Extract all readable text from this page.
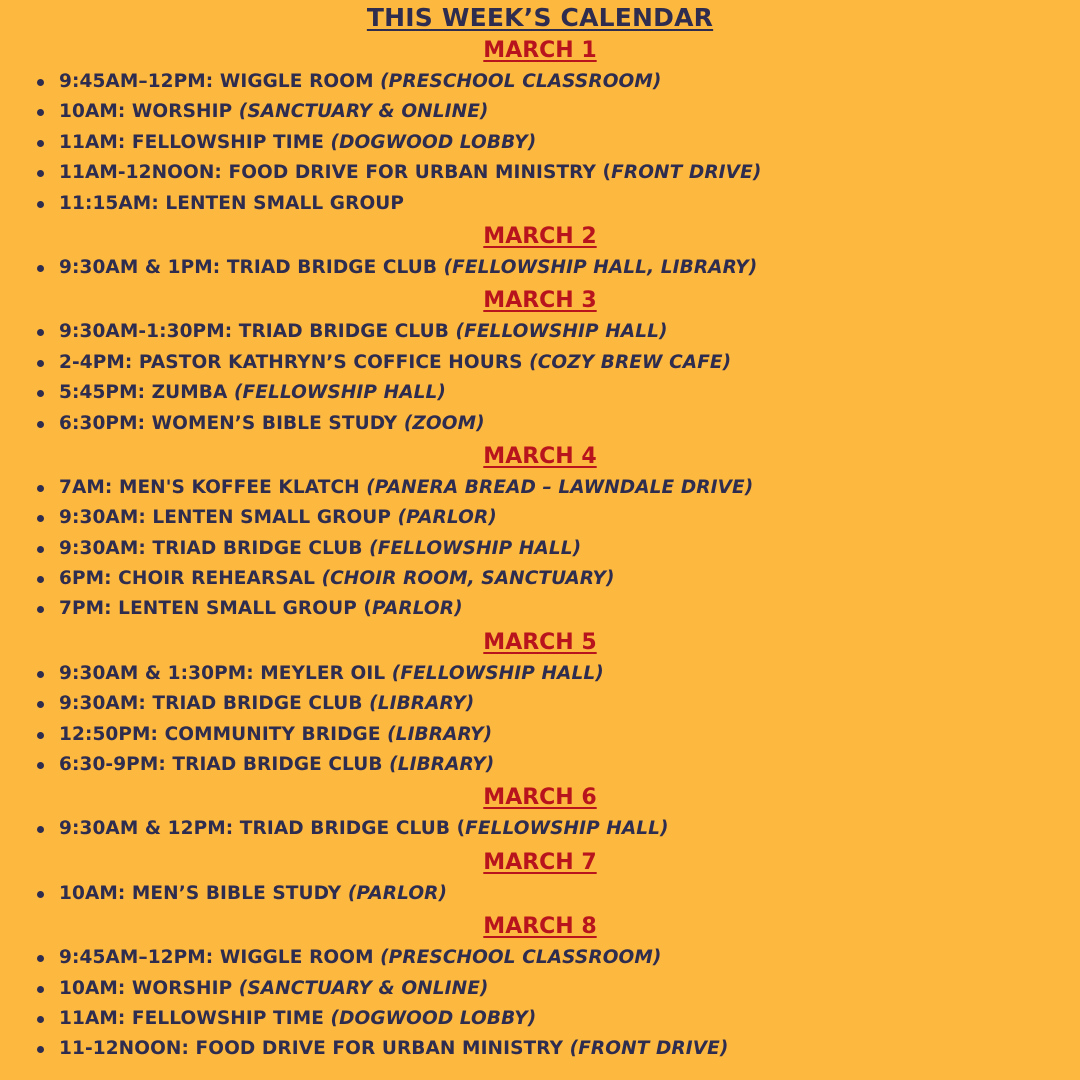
THIS WEEK’S CALENDAR
MARCH 1
9:45AM–12PM: WIGGLE ROOM (PRESCHOOL CLASSROOM)
10AM: WORSHIP (SANCTUARY & ONLINE)
11AM: FELLOWSHIP TIME (DOGWOOD LOBBY)
11AM-12NOON: FOOD DRIVE FOR URBAN MINISTRY (FRONT DRIVE)
11:15AM: LENTEN SMALL GROUP
MARCH 2
9:30AM & 1PM: TRIAD BRIDGE CLUB (FELLOWSHIP HALL, LIBRARY)
MARCH 3
9:30AM-1:30PM: TRIAD BRIDGE CLUB (FELLOWSHIP HALL)
2-4PM: PASTOR KATHRYN’S COFFICE HOURS (COZY BREW CAFE)
5:45PM: ZUMBA (FELLOWSHIP HALL)
6:30PM: WOMEN’S BIBLE STUDY (ZOOM)
MARCH 4
7AM: MEN'S KOFFEE KLATCH (PANERA BREAD – LAWNDALE DRIVE)
9:30AM: LENTEN SMALL GROUP (PARLOR)
9:30AM: TRIAD BRIDGE CLUB (FELLOWSHIP HALL)
6PM: CHOIR REHEARSAL (CHOIR ROOM, SANCTUARY)
7PM: LENTEN SMALL GROUP (PARLOR)
MARCH 5
9:30AM & 1:30PM: MEYLER OIL (FELLOWSHIP HALL)
9:30AM: TRIAD BRIDGE CLUB (LIBRARY)
12:50PM: COMMUNITY BRIDGE (LIBRARY)
6:30-9PM: TRIAD BRIDGE CLUB (LIBRARY)
MARCH 6
9:30AM & 12PM: TRIAD BRIDGE CLUB (FELLOWSHIP HALL)
MARCH 7
10AM: MEN’S BIBLE STUDY (PARLOR)
MARCH 8
9:45AM–12PM: WIGGLE ROOM (PRESCHOOL CLASSROOM)
10AM: WORSHIP (SANCTUARY & ONLINE)
11AM: FELLOWSHIP TIME (DOGWOOD LOBBY)
11-12NOON: FOOD DRIVE FOR URBAN MINISTRY (FRONT DRIVE)
